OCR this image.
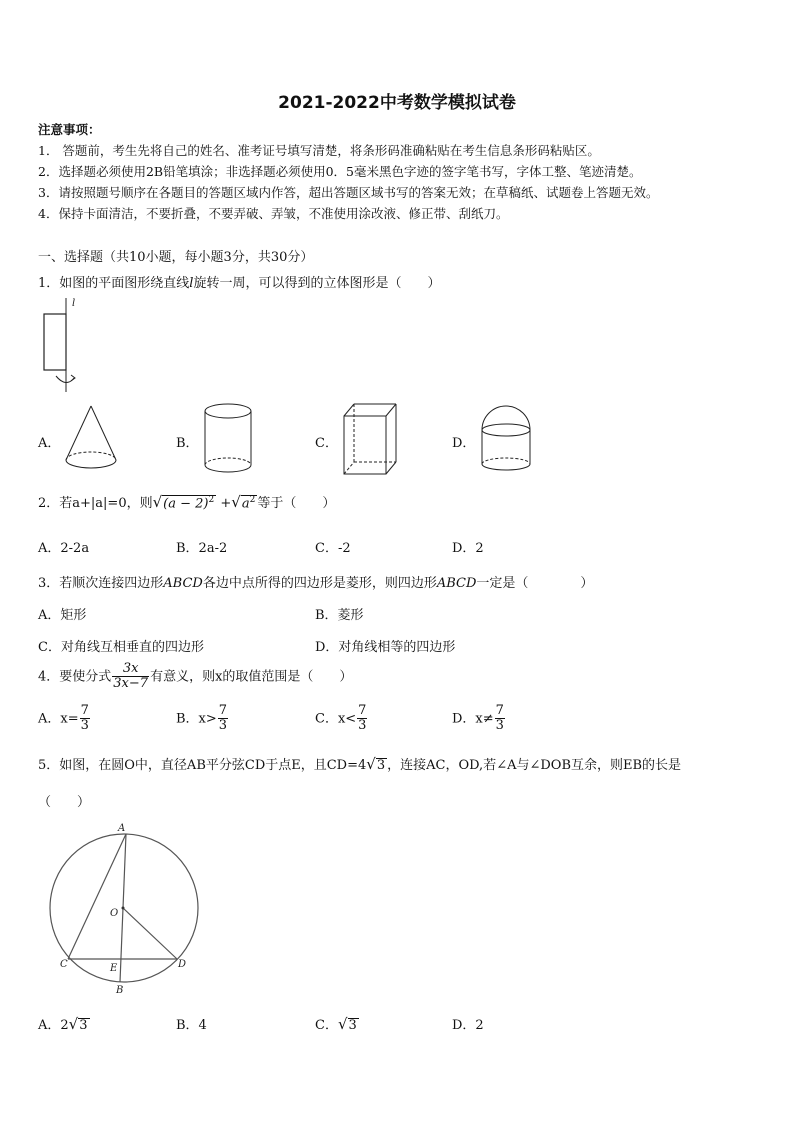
2021-2022中考数学模拟试卷
注意事项：
1． 答题前，考生先将自己的姓名、准考证号填写清楚，将条形码准确粘贴在考生信息条形码粘贴区。
2．选择题必须使用2B铅笔填涂；非选择题必须使用0．5毫米黑色字迹的签字笔书写，字体工整、笔迹清楚。
3．请按照题号顺序在各题目的答题区域内作答，超出答题区域书写的答案无效；在草稿纸、试题卷上答题无效。
4．保持卡面清洁，不要折叠，不要弄破、弄皱，不准使用涂改液、修正带、刮纸刀。
一、选择题（共10小题，每小题3分，共30分）
1．如图的平面图形绕直线l旋转一周，可以得到的立体图形是（　　）
l
A．	B．	C．	D．
2．若a+|a|=0，则$√(a - 2)^2 +√a^2$ 等于（　　）
A．2-2a	B．2a-2	C．-2	D．2
3．若顺次连接四边形ABCD各边中点所得的四边形是菱形，则四边形ABCD一定是（　　　　）
A．矩形	B．菱形
C．对角线互相垂直的四边形	D．对角线相等的四边形
4．要使分式 $\frac{3x}{3x-7}$ 有意义，则x的取值范围是（　　）
A．$x= \frac{7}{3}$	B．$x> \frac{7}{3}$	C．$x< \frac{7}{3}$	D．$x\ne \frac{7}{3}$
5．如图，在圆O中，直径AB平分弦CD于点E，且CD=4√3 ，连接AC，OD,若∠A与∠DOB互余，则EB的长是
（　　）
A
O
C	E	D
B
A．2√3	B．4	C．√3	D．2
